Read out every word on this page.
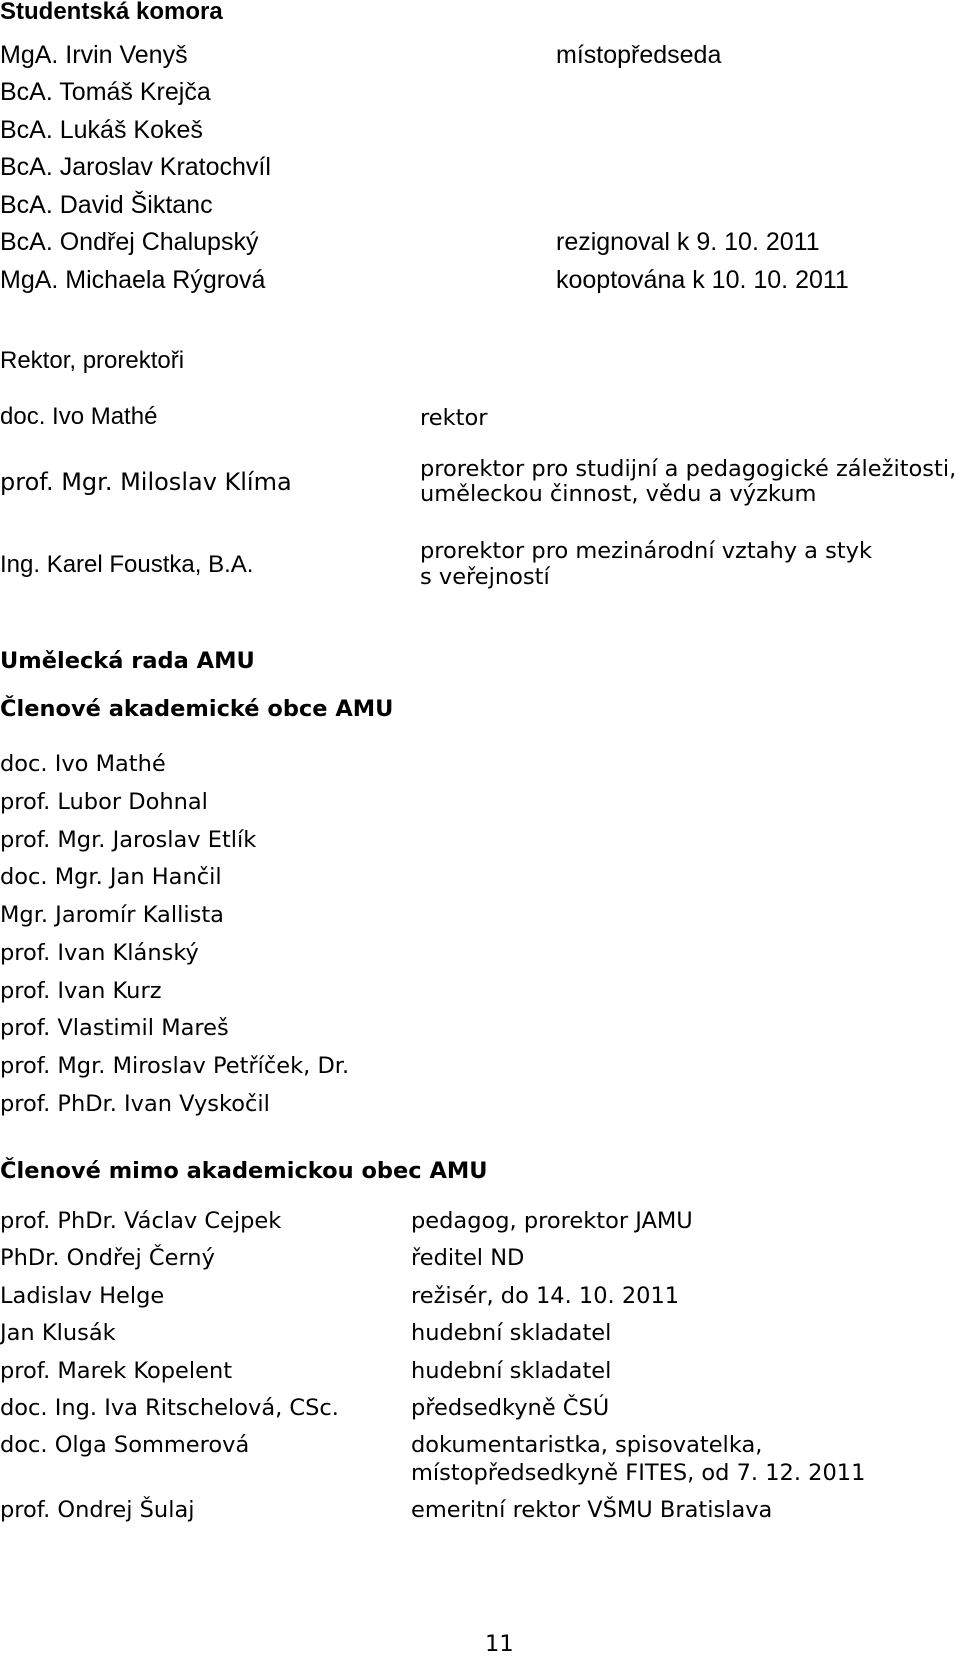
Studentská komora
MgA. Irvin Venyš	místopředseda
BcA. Tomáš Krejča
BcA. Lukáš Kokeš
BcA. Jaroslav Kratochvíl
BcA. David Šiktanc
BcA. Ondřej Chalupský	rezignoval k 9. 10. 2011
MgA. Michaela Rýgrová	kooptována k 10. 10. 2011
Rektor, prorektoři
doc. Ivo Mathé	rektor
prof. Mgr. Miloslav Klíma	prorektor pro studijní a pedagogické záležitosti,
uměleckou činnost, vědu a výzkum
Ing. Karel Foustka, B.A.	prorektor pro mezinárodní vztahy a styk
s veřejností
Umělecká rada AMU
Členové akademické obce AMU
doc. Ivo Mathé
prof. Lubor Dohnal
prof. Mgr. Jaroslav Etlík
doc. Mgr. Jan Hančil
Mgr. Jaromír Kallista
prof. Ivan Klánský
prof. Ivan Kurz
prof. Vlastimil Mareš
prof. Mgr. Miroslav Petříček, Dr.
prof. PhDr. Ivan Vyskočil
Členové mimo akademickou obec AMU
prof. PhDr. Václav Cejpek	pedagog, prorektor JAMU
PhDr. Ondřej Černý	ředitel ND
Ladislav Helge	režisér, do 14. 10. 2011
Jan Klusák	hudební skladatel
prof. Marek Kopelent	hudební skladatel
doc. Ing. Iva Ritschelová, CSc.	předsedkyně ČSÚ
doc. Olga Sommerová	dokumentaristka, spisovatelka,
místopředsedkyně FITES, od 7. 12. 2011
prof. Ondrej Šulaj	emeritní rektor VŠMU Bratislava
11
